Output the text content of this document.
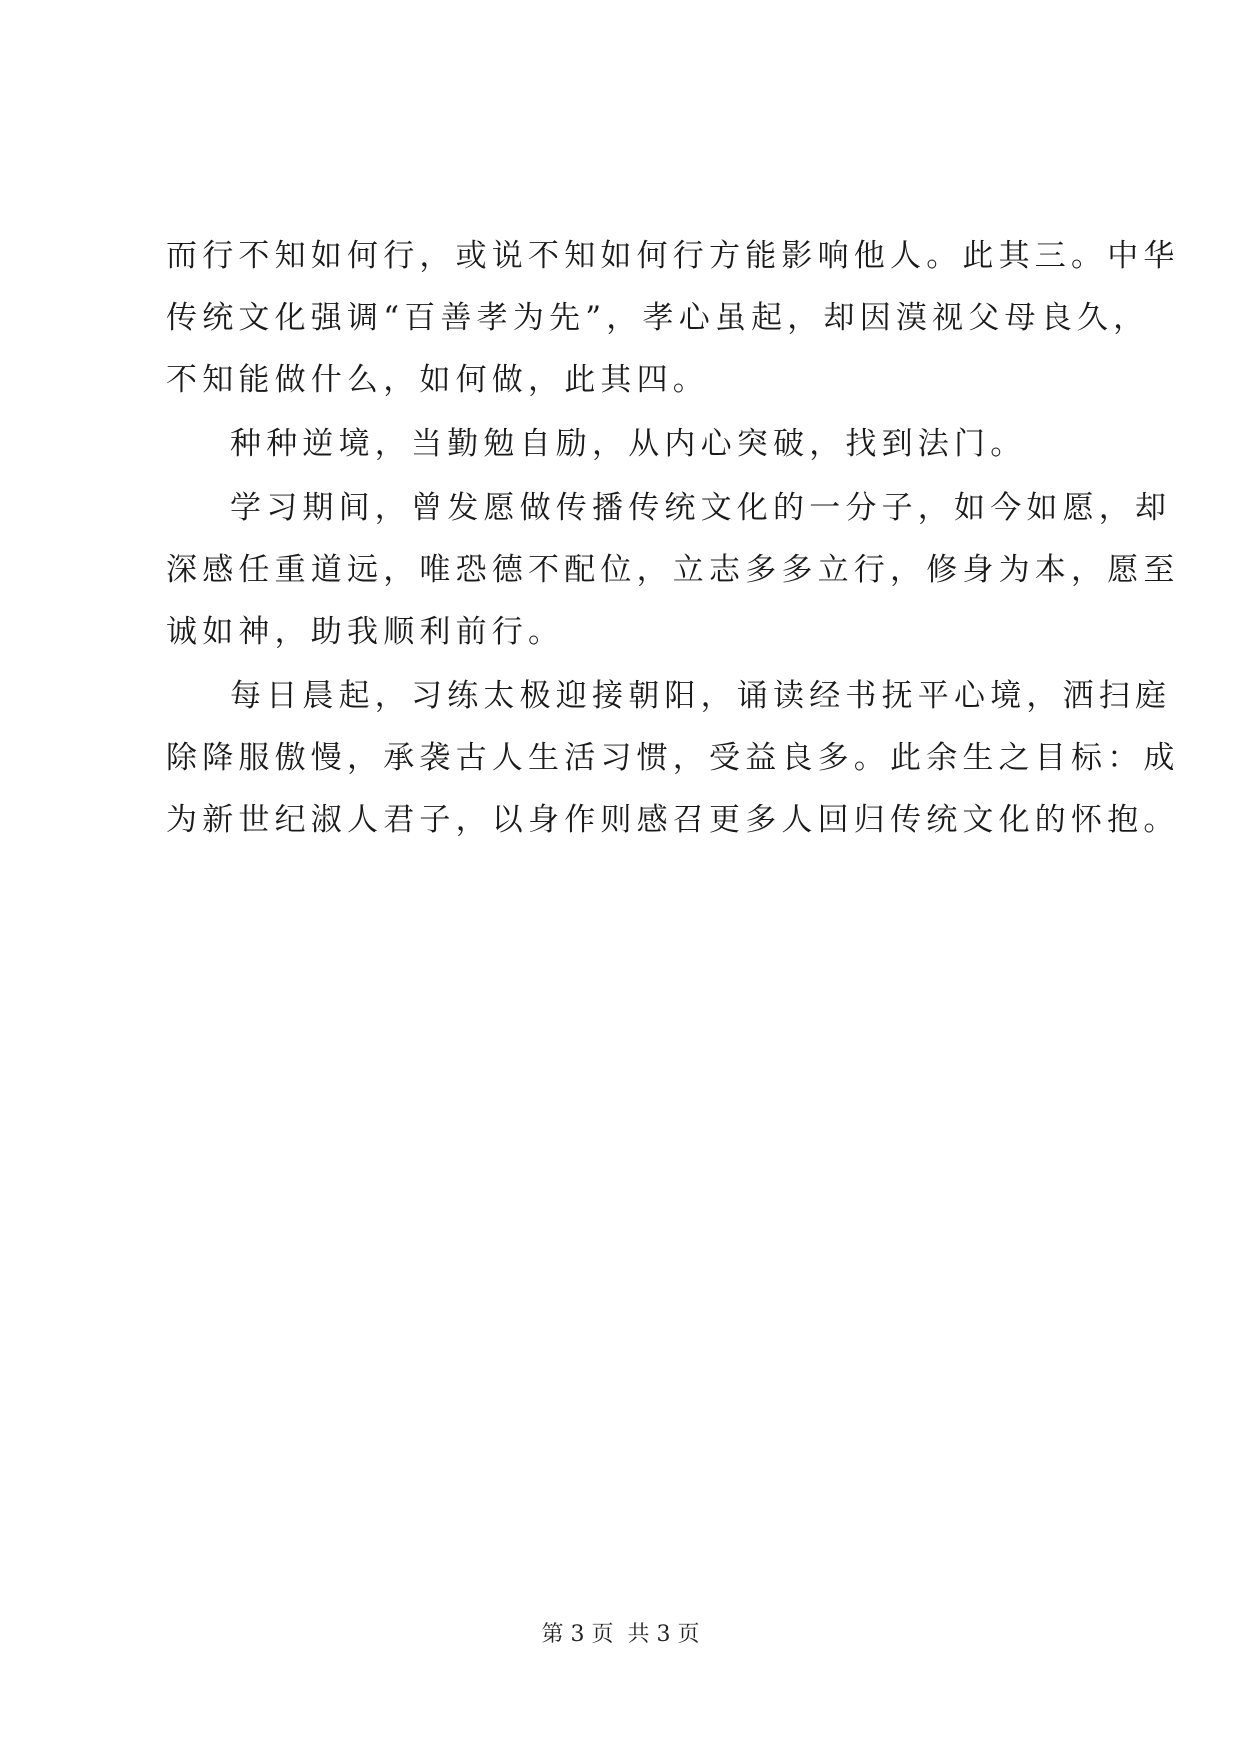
而行不知如何行，或说不知如何行方能影响他人。此其三。中华
传统文化强调“百善孝为先”，孝心虽起，却因漠视父母良久，
不知能做什么，如何做，此其四。
种种逆境，当勤勉自励，从内心突破，找到法门。
学习期间，曾发愿做传播传统文化的一分子，如今如愿，却
深感任重道远，唯恐德不配位，立志多多立行，修身为本，愿至
诚如神，助我顺利前行。
每日晨起，习练太极迎接朝阳，诵读经书抚平心境，洒扫庭
除降服傲慢，承袭古人生活习惯，受益良多。此余生之目标：成
为新世纪淑人君子，以身作则感召更多人回归传统文化的怀抱。
第 3 页  共 3 页
